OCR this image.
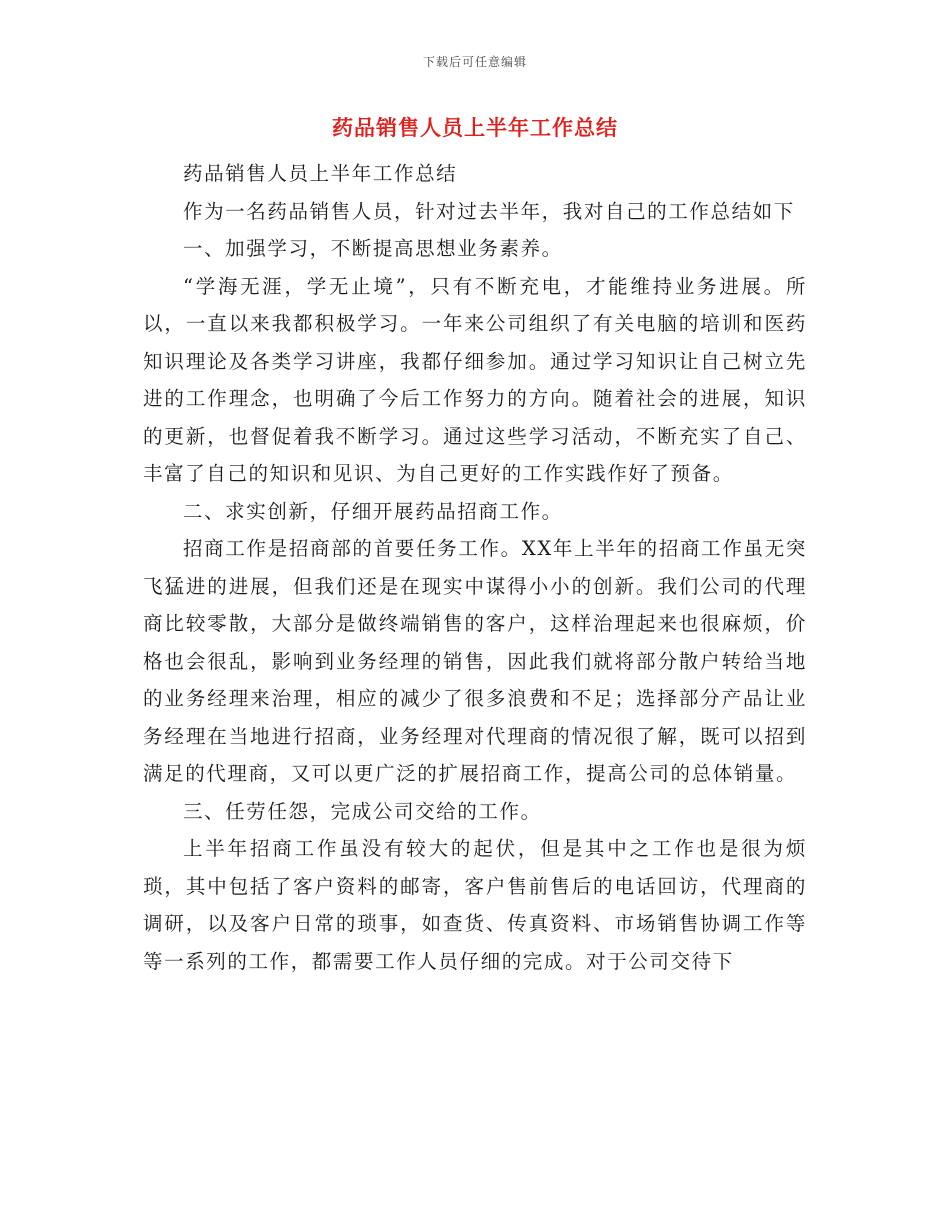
下载后可任意编辑
药品销售人员上半年工作总结

药品销售人员上半年工作总结

作为一名药品销售人员，针对过去半年，我对自己的工作总结如下

一、加强学习，不断提高思想业务素养。

“学海无涯，学无止境”，只有不断充电，才能维持业务进展。所以，一直以来我都积极学习。一年来公司组织了有关电脑的培训和医药知识理论及各类学习讲座，我都仔细参加。通过学习知识让自己树立先进的工作理念，也明确了今后工作努力的方向。随着社会的进展，知识的更新，也督促着我不断学习。通过这些学习活动，不断充实了自己、丰富了自己的知识和见识、为自己更好的工作实践作好了预备。

二、求实创新，仔细开展药品招商工作。

招商工作是招商部的首要任务工作。XX年上半年的招商工作虽无突飞猛进的进展，但我们还是在现实中谋得小小的创新。我们公司的代理商比较零散，大部分是做终端销售的客户，这样治理起来也很麻烦，价格也会很乱，影响到业务经理的销售，因此我们就将部分散户转给当地的业务经理来治理，相应的减少了很多浪费和不足；选择部分产品让业务经理在当地进行招商，业务经理对代理商的情况很了解，既可以招到满足的代理商，又可以更广泛的扩展招商工作，提高公司的总体销量。

三、任劳任怨，完成公司交给的工作。

上半年招商工作虽没有较大的起伏，但是其中之工作也是很为烦琐，其中包括了客户资料的邮寄，客户售前售后的电话回访，代理商的调研，以及客户日常的琐事，如查货、传真资料、市场销售协调工作等等一系列的工作，都需要工作人员仔细的完成。对于公司交待下
